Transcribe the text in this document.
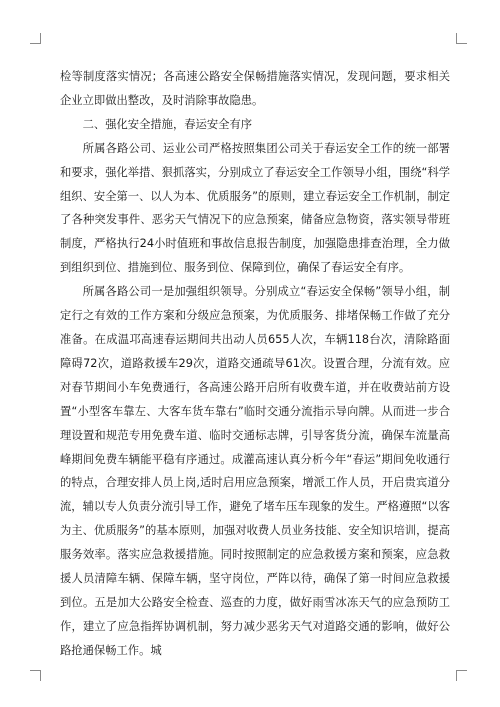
检等制度落实情况；各高速公路安全保畅措施落实情况，发现问题，要求相关企业立即做出整改，及时消除事故隐患。

二、强化安全措施，春运安全有序

所属各路公司、运业公司严格按照集团公司关于春运安全工作的统一部署和要求，强化举措、狠抓落实，分别成立了春运安全工作领导小组，围绕“科学组织、安全第一、以人为本、优质服务”的原则，建立春运安全工作机制，制定了各种突发事件、恶劣天气情况下的应急预案，储备应急物资，落实领导带班制度，严格执行24小时值班和事故信息报告制度，加强隐患排查治理，全力做到组织到位、措施到位、服务到位、保障到位，确保了春运安全有序。

所属各路公司一是加强组织领导。分别成立“春运安全保畅”领导小组，制定行之有效的工作方案和分级应急预案，为优质服务、排堵保畅工作做了充分准备。在成温邛高速春运期间共出动人员655人次，车辆118台次，清除路面障碍72次，道路救援车29次，道路交通疏导61次。设置合理，分流有效。应对春节期间小车免费通行，各高速公路开启所有收费车道，并在收费站前方设置“小型客车靠左、大客车货车靠右”临时交通分流指示导向牌。从而进一步合理设置和规范专用免费车道、临时交通标志牌，引导客货分流，确保车流量高峰期间免费车辆能平稳有序通过。成灌高速认真分析今年“春运”期间免收通行的特点，合理安排人员上岗,适时启用应急预案，增派工作人员，开启贵宾道分流，辅以专人负责分流引导工作，避免了堵车压车现象的发生。严格遵照“以客为主、优质服务”的基本原则，加强对收费人员业务技能、安全知识培训，提高服务效率。落实应急救援措施。同时按照制定的应急救援方案和预案，应急救援人员清障车辆、保障车辆，坚守岗位，严阵以待，确保了第一时间应急救援到位。五是加大公路安全检查、巡查的力度，做好雨雪冰冻天气的应急预防工作，建立了应急指挥协调机制，努力减少恶劣天气对道路交通的影响，做好公路抢通保畅工作。城
